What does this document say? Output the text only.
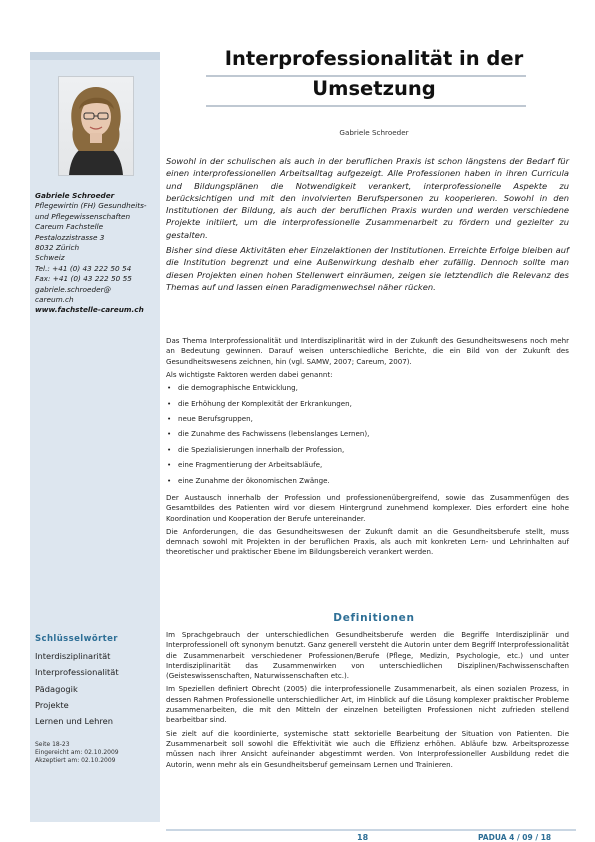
Gabriele Schroeder
Pflegewirtin (FH) Gesundheits-
und Pflegewissenschaften
Careum Fachstelle
Pestalozzistrasse 3
8032 Zürich
Schweiz
Tel.: +41 (0) 43 222 50 54
Fax: +41 (0) 43 222 50 55
gabriele.schroeder@
careum.ch
www.fachstelle-careum.ch
Schlüsselwörter
Interdisziplinarität
Interprofessionalität
Pädagogik
Projekte
Lernen und Lehren
Seite 18-23
Eingereicht am: 02.10.2009
Akzeptiert am: 02.10.2009
Interprofessionalität in der
Umsetzung
Gabriele Schroeder

Sowohl in der schulischen als auch in der beruflichen Praxis ist schon längstens der Bedarf für einen interprofessionellen Arbeitsalltag aufgezeigt. Alle Professionen haben in ihren Curricula und Bildungsplänen die Notwendigkeit verankert, interprofessionelle Aspekte zu berücksichtigen und mit den involvierten Berufspersonen zu kooperieren. Sowohl in den Institutionen der Bildung, als auch der beruflichen Praxis wurden und werden verschiedene Projekte initiiert, um die interprofessionelle Zusammenarbeit zu fördern und gezielter zu gestalten.

Bisher sind diese Aktivitäten eher Einzelaktionen der Institutionen. Erreichte Erfolge bleiben auf die Institution begrenzt und eine Außenwirkung deshalb eher zufällig. Dennoch sollte man diesen Projekten einen hohen Stellenwert einräumen, zeigen sie letztendlich die Relevanz des Themas auf und lassen einen Paradigmenwechsel näher rücken.

Das Thema Interprofessionalität und Interdisziplinarität wird in der Zukunft des Gesundheitswesens noch mehr an Bedeutung gewinnen. Darauf weisen unterschiedliche Berichte, die ein Bild von der Zukunft des Gesundheitswesens zeichnen, hin (vgl. SAMW, 2007; Careum, 2007).

Als wichtigste Faktoren werden dabei genannt:

• die demographische Entwicklung,
• die Erhöhung der Komplexität der Erkrankungen,
• neue Berufsgruppen,
• die Zunahme des Fachwissens (lebenslanges Lernen),
• die Spezialisierungen innerhalb der Profession,
• eine Fragmentierung der Arbeitsabläufe,
• eine Zunahme der ökonomischen Zwänge.

Der Austausch innerhalb der Profession und professionenübergreifend, sowie das Zusammenfügen des Gesamtbildes des Patienten wird vor diesem Hintergrund zunehmend komplexer. Dies erfordert eine hohe Koordination und Kooperation der Berufe untereinander.

Die Anforderungen, die das Gesundheitswesen der Zukunft damit an die Gesundheitsberufe stellt, muss demnach sowohl mit Projekten in der beruflichen Praxis, als auch mit konkreten Lern- und Lehrinhalten auf theoretischer und praktischer Ebene im Bildungsbereich verankert werden.

Definitionen

Im Sprachgebrauch der unterschiedlichen Gesundheitsberufe werden die Begriffe Interdisziplinär und Interprofessionell oft synonym benutzt. Ganz generell versteht die Autorin unter dem Begriff Interprofessionalität die Zusammenarbeit verschiedener Professionen/Berufe (Pflege, Medizin, Psychologie, etc.) und unter Interdisziplinarität das Zusammenwirken von unterschiedlichen Disziplinen/Fachwissenschaften (Geisteswissenschaften, Naturwissenschaften etc.).

Im Speziellen definiert Obrecht (2005) die interprofessionelle Zusammenarbeit, als einen sozialen Prozess, in dessen Rahmen Professionelle unterschiedlicher Art, im Hinblick auf die Lösung komplexer praktischer Probleme zusammenarbeiten, die mit den Mitteln der einzelnen beteiligten Professionen nicht zufrieden stellend bearbeitbar sind.

Sie zielt auf die koordinierte, systemische statt sektorielle Bearbeitung der Situation von Patienten. Die Zusammenarbeit soll sowohl die Effektivität wie auch die Effizienz erhöhen. Abläufe bzw. Arbeitsprozesse müssen nach ihrer Ansicht aufeinander abgestimmt werden. Von Interprofessioneller Ausbildung redet die Autorin, wenn mehr als ein Gesundheitsberuf gemeinsam Lernen und Trainieren.

18	PADUA 4 / 09 / 18
